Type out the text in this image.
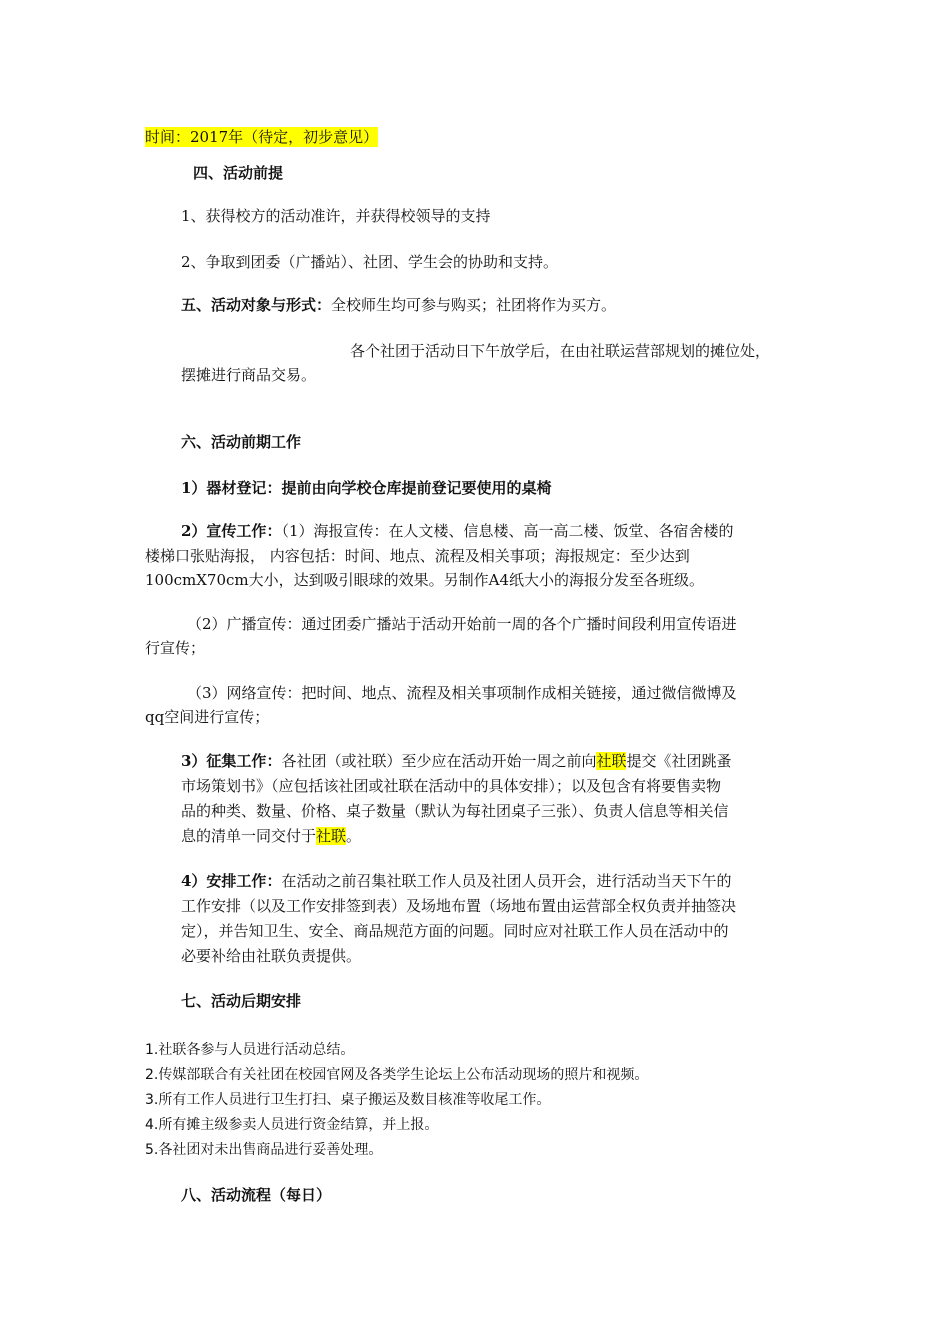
时间：2017年（待定，初步意见）
四、活动前提
1、获得校方的活动准许，并获得校领导的支持
2、争取到团委（广播站）、社团、学生会的协助和支持。
五、活动对象与形式：全校师生均可参与购买；社团将作为买方。
各个社团于活动日下午放学后，在由社联运营部规划的摊位处，
摆摊进行商品交易。
六、活动前期工作
1）器材登记：提前由向学校仓库提前登记要使用的桌椅
2）宣传工作：（1）海报宣传：在人文楼、信息楼、高一高二楼、饭堂、各宿舍楼的
楼梯口张贴海报， 内容包括：时间、地点、流程及相关事项；海报规定：至少达到
100cmX70cm大小，达到吸引眼球的效果。另制作A4纸大小的海报分发至各班级。
（2）广播宣传：通过团委广播站于活动开始前一周的各个广播时间段利用宣传语进
行宣传；
（3）网络宣传：把时间、地点、流程及相关事项制作成相关链接，通过微信微博及
qq空间进行宣传；
3）征集工作：各社团（或社联）至少应在活动开始一周之前向社联提交《社团跳蚤
市场策划书》（应包括该社团或社联在活动中的具体安排）；以及包含有将要售卖物
品的种类、数量、价格、桌子数量（默认为每社团桌子三张）、负责人信息等相关信
息的清单一同交付于社联。
4）安排工作：在活动之前召集社联工作人员及社团人员开会，进行活动当天下午的
工作安排（以及工作安排签到表）及场地布置（场地布置由运营部全权负责并抽签决
定），并告知卫生、安全、商品规范方面的问题。同时应对社联工作人员在活动中的
必要补给由社联负责提供。
七、活动后期安排
1.社联各参与人员进行活动总结。
2.传媒部联合有关社团在校园官网及各类学生论坛上公布活动现场的照片和视频。
3.所有工作人员进行卫生打扫、桌子搬运及数目核准等收尾工作。
4.所有摊主级参卖人员进行资金结算，并上报。
5.各社团对未出售商品进行妥善处理。
八、活动流程（每日）
